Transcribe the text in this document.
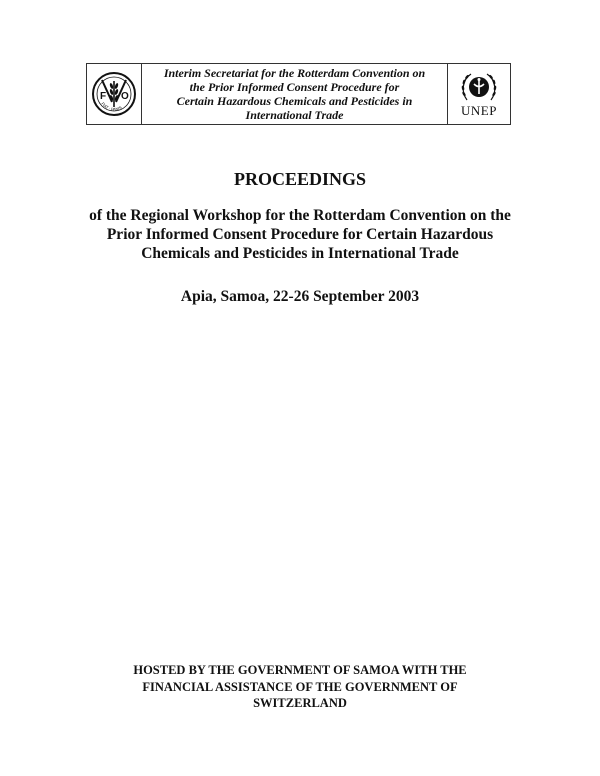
F O
FIAT · PANIS
Interim Secretariat for the Rotterdam Convention on
the Prior Informed Consent Procedure for
Certain Hazardous Chemicals and Pesticides in
International Trade	UNEP
PROCEEDINGS
of the Regional Workshop for the Rotterdam Convention on the
Prior Informed Consent Procedure for Certain Hazardous
Chemicals and Pesticides in International Trade
Apia, Samoa, 22-26 September 2003
HOSTED BY THE GOVERNMENT OF SAMOA WITH THE
FINANCIAL ASSISTANCE OF THE GOVERNMENT OF
SWITZERLAND
